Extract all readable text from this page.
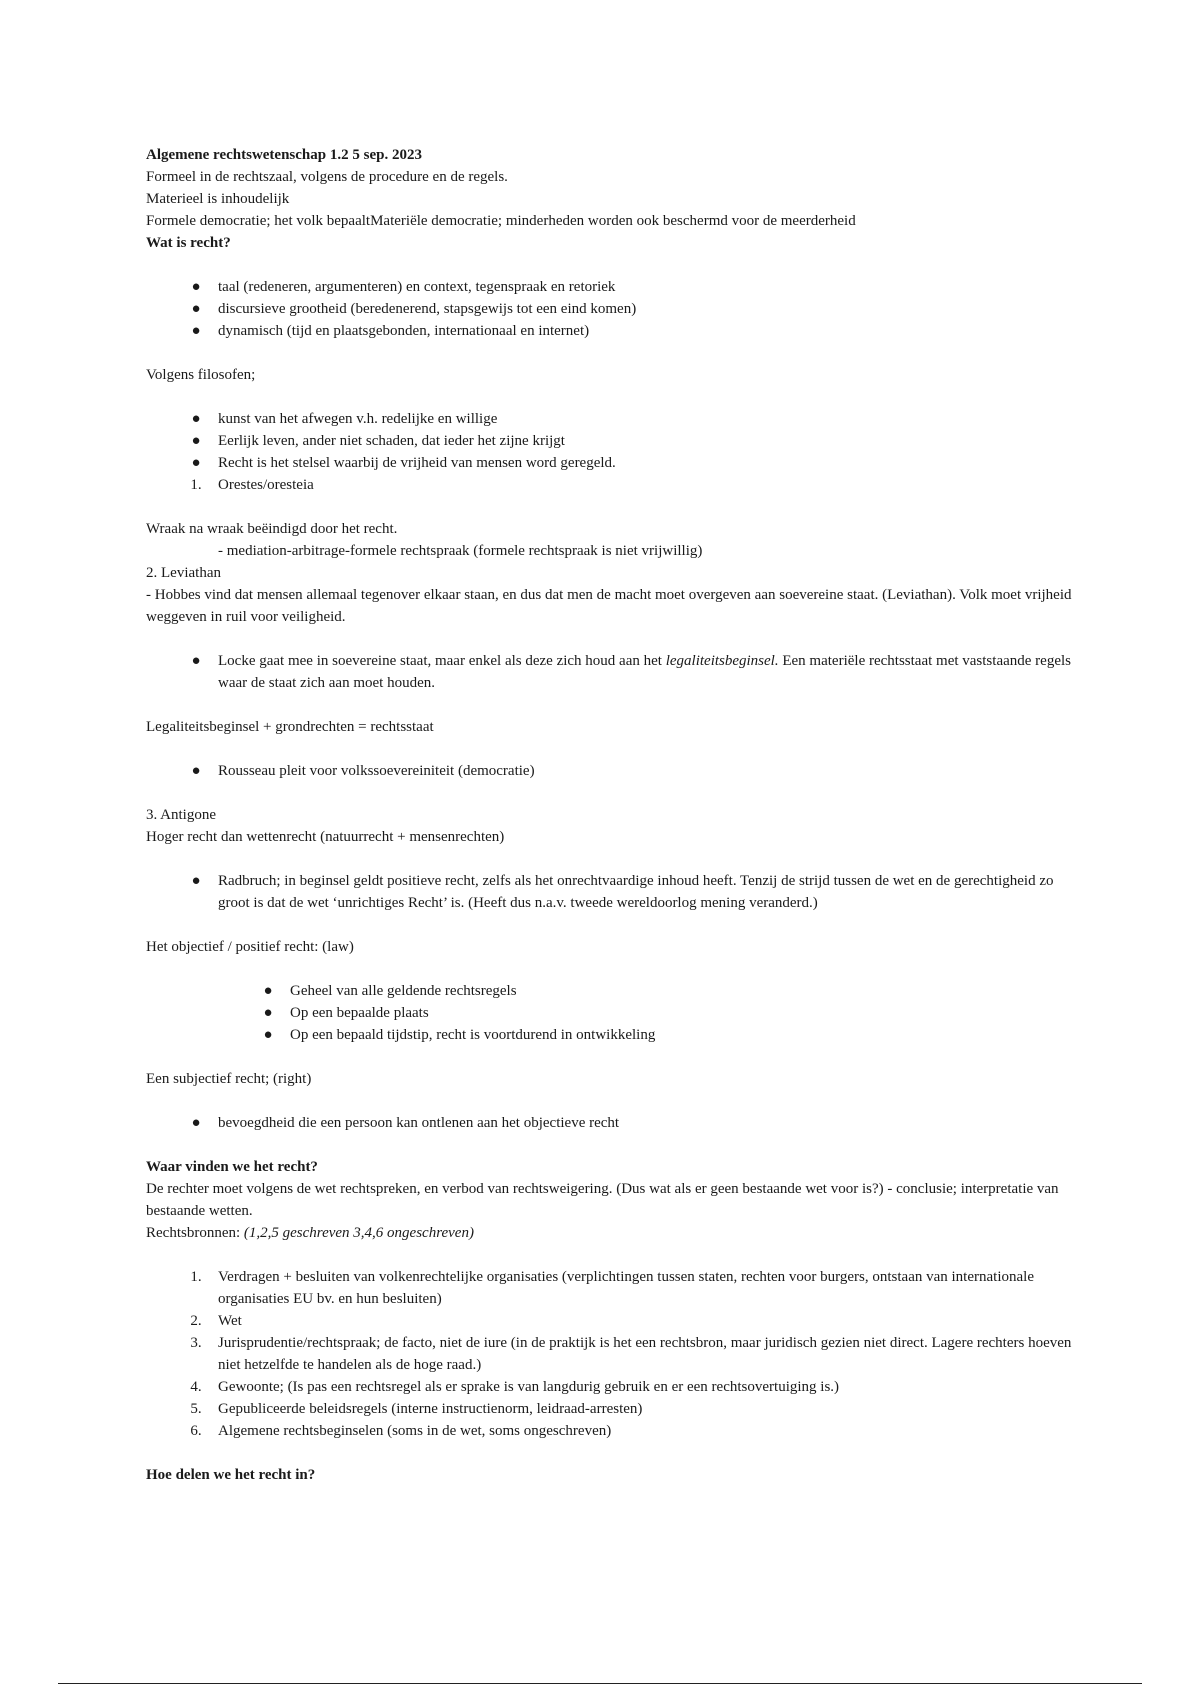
Algemene rechtswetenschap 1.2 5 sep. 2023

Formeel in de rechtszaal, volgens de procedure en de regels.

Materieel is inhoudelijk

Formele democratie; het volk bepaaltMateriële democratie; minderheden worden ook beschermd voor de meerderheid

Wat is recht?

●	taal (redeneren, argumenteren) en context, tegenspraak en retoriek
●	discursieve grootheid (beredenerend, stapsgewijs tot een eind komen)
●	dynamisch (tijd en plaatsgebonden, internationaal en internet)

Volgens filosofen;

●	kunst van het afwegen v.h. redelijke en willige
●	Eerlijk leven, ander niet schaden, dat ieder het zijne krijgt
●	Recht is het stelsel waarbij de vrijheid van mensen word geregeld.
1.	Orestes/oresteia

Wraak na wraak beëindigd door het recht.

- mediation-arbitrage-formele rechtspraak (formele rechtspraak is niet vrijwillig)

2. Leviathan

- Hobbes vind dat mensen allemaal tegenover elkaar staan, en dus dat men de macht moet overgeven aan soevereine staat. (Leviathan). Volk moet vrijheid weggeven in ruil voor veiligheid.

●	Locke gaat mee in soevereine staat, maar enkel als deze zich houd aan het legaliteitsbeginsel. Een materiële rechtsstaat met vaststaande regels waar de staat zich aan moet houden.

Legaliteitsbeginsel + grondrechten = rechtsstaat

●	Rousseau pleit voor volkssoevereiniteit (democratie)

3. Antigone

Hoger recht dan wettenrecht (natuurrecht + mensenrechten)

●	Radbruch; in beginsel geldt positieve recht, zelfs als het onrechtvaardige inhoud heeft. Tenzij de strijd tussen de wet en de gerechtigheid zo groot is dat de wet ‘unrichtiges Recht’ is. (Heeft dus n.a.v. tweede wereldoorlog mening veranderd.)

Het objectief / positief recht: (law)

●	Geheel van alle geldende rechtsregels
●	Op een bepaalde plaats
●	Op een bepaald tijdstip, recht is voortdurend in ontwikkeling

Een subjectief recht; (right)

●	bevoegdheid die een persoon kan ontlenen aan het objectieve recht

Waar vinden we het recht?

De rechter moet volgens de wet rechtspreken, en verbod van rechtsweigering. (Dus wat als er geen bestaande wet voor is?) - conclusie; interpretatie van bestaande wetten.

Rechtsbronnen: (1,2,5 geschreven 3,4,6 ongeschreven)

1.	Verdragen + besluiten van volkenrechtelijke organisaties (verplichtingen tussen staten, rechten voor burgers, ontstaan van internationale organisaties EU bv. en hun besluiten)
2.	Wet
3.	Jurisprudentie/rechtspraak; de facto, niet de iure (in de praktijk is het een rechtsbron, maar juridisch gezien niet direct. Lagere rechters hoeven niet hetzelfde te handelen als de hoge raad.)
4.	Gewoonte; (Is pas een rechtsregel als er sprake is van langdurig gebruik en er een rechtsovertuiging is.)
5.	Gepubliceerde beleidsregels (interne instructienorm, leidraad-arresten)
6.	Algemene rechtsbeginselen (soms in de wet, soms ongeschreven)

Hoe delen we het recht in?
